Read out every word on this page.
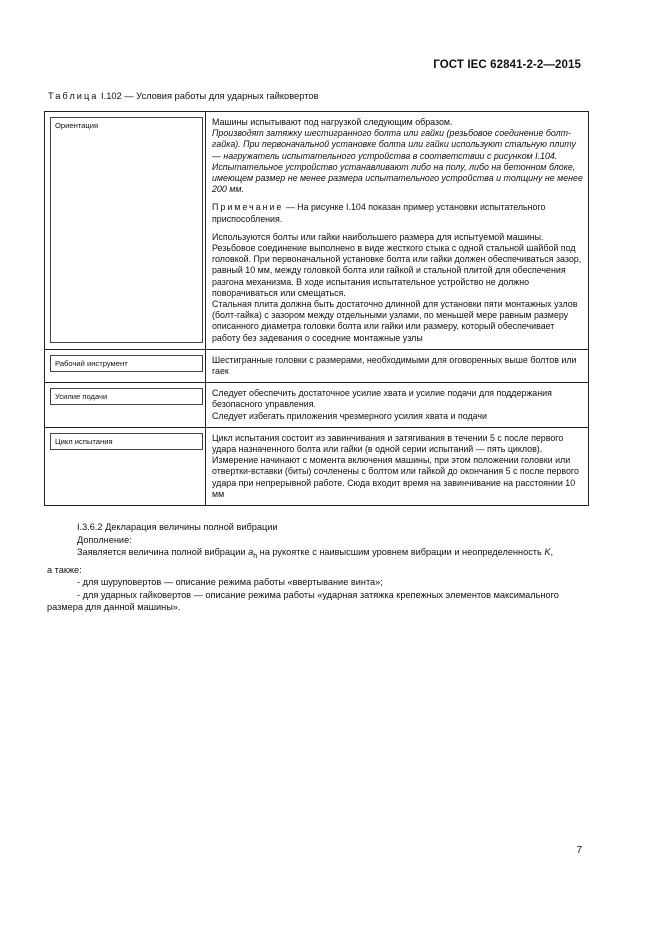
ГОСТ IEC 62841-2-2—2015
Таблица I.102 — Условия работы для ударных гайковертов
Ориентация	Машины испытывают под нагрузкой следующим образом.
Производят затяжку шестигранного болта или гайки (резьбовое соединение болт-гайка). При первоначальной установке болта или гайки используют стальную плиту — нагружатель испытательного устройства в соответствии с рисунком I.104. Испытательное устройство устанавливают либо на полу, либо на бетонном блоке, имеющем размер не менее размера испытательного устройства и толщину не менее 200 мм.
Примечание — На рисунке I.104 показан пример установки испытательного приспособления.
Используются болты или гайки наибольшего размера для испытуемой машины. Резьбовое соединение выполнено в виде жесткого стыка с одной стальной шайбой под головкой. При первоначальной установке болта или гайки должен обеспечиваться зазор, равный 10 мм, между головкой болта или гайкой и стальной плитой для обеспечения разгона механизма. В ходе испытания испытательное устройство не должно поворачиваться или смещаться.
Стальная плита должна быть достаточно длинной для установки пяти монтажных узлов (болт-гайка) с зазором между отдельными узлами, по меньшей мере равным размеру описанного диаметра головки болта или гайки или размеру, который обеспечивает работу без задевания о соседние монтажные узлы

Рабочий инструмент	Шестигранные головки с размерами, необходимыми для оговоренных выше болтов или гаек

Усилие подачи	Следует обеспечить достаточное усилие хвата и усилие подачи для поддержания безопасного управления.
Следует избегать приложения чрезмерного усилия хвата и подачи

Цикл испытания	Цикл испытания состоит из завинчивания и затягивания в течении 5 с после первого удара назначенного болта или гайки (в одной серии испытаний — пять циклов).
Измерение начинают с момента включения машины, при этом положении головки или отвертки-вставки (биты) сочленены с болтом или гайкой до окончания 5 с после первого удара при непрерывной работе. Сюда входит время на завинчивание на расстоянии 10 мм
I.3.6.2 Декларация величины полной вибрации
Дополнение:
Заявляется величина полной вибрации $a_h$ на рукоятке с наивысшим уровнем вибрации и неопределенность K,
а также:
- для шуруповертов — описание режима работы «ввертывание винта»;
- для ударных гайковертов — описание режима работы «ударная затяжка крепежных элементов максимального размера для данной машины».
7
